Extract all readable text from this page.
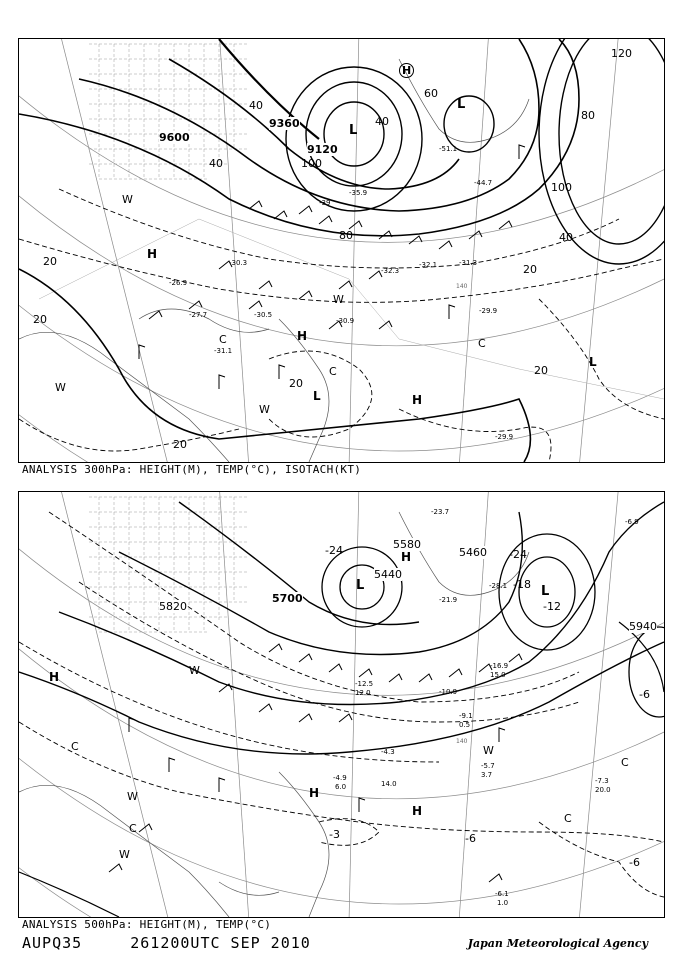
9600
9360
9120
20
20
20
20
20
20
40
40
40
40
60
80
80
100
100
120
H
H
L
L
L	H
H
L
W
W
C
C
C
W
W
-31.1
-30.5
-30.9
-32.3
-29.9
-27.7
-26.9
-30.3	-31.3
-35.9
-39
-51.1
-44.7
-32.1
-29.9
140
ANALYSIS 300hPa: HEIGHT(M), TEMP(°C), ISOTACH(KT)
5820
5700
5580
5460
5940
5440
-24	-24
-18
-12
-6
-6
-6
-3
H
H
H
H
L	L
W
W
W
W
C
C
C
C
-5.7
-7.3
-6.1
-4.9
-10.9
-16.9
-21.9
-28.1
-23.7
-12.5
-9.1
-4.3
-6.9
3.7
20.0
1.0
14.0
6.0
0.5
12.0
15.0
140
ANALYSIS 500hPa: HEIGHT(M), TEMP(°C)
AUPQ35	261200UTC SEP 2010	Japan Meteorological Agency
